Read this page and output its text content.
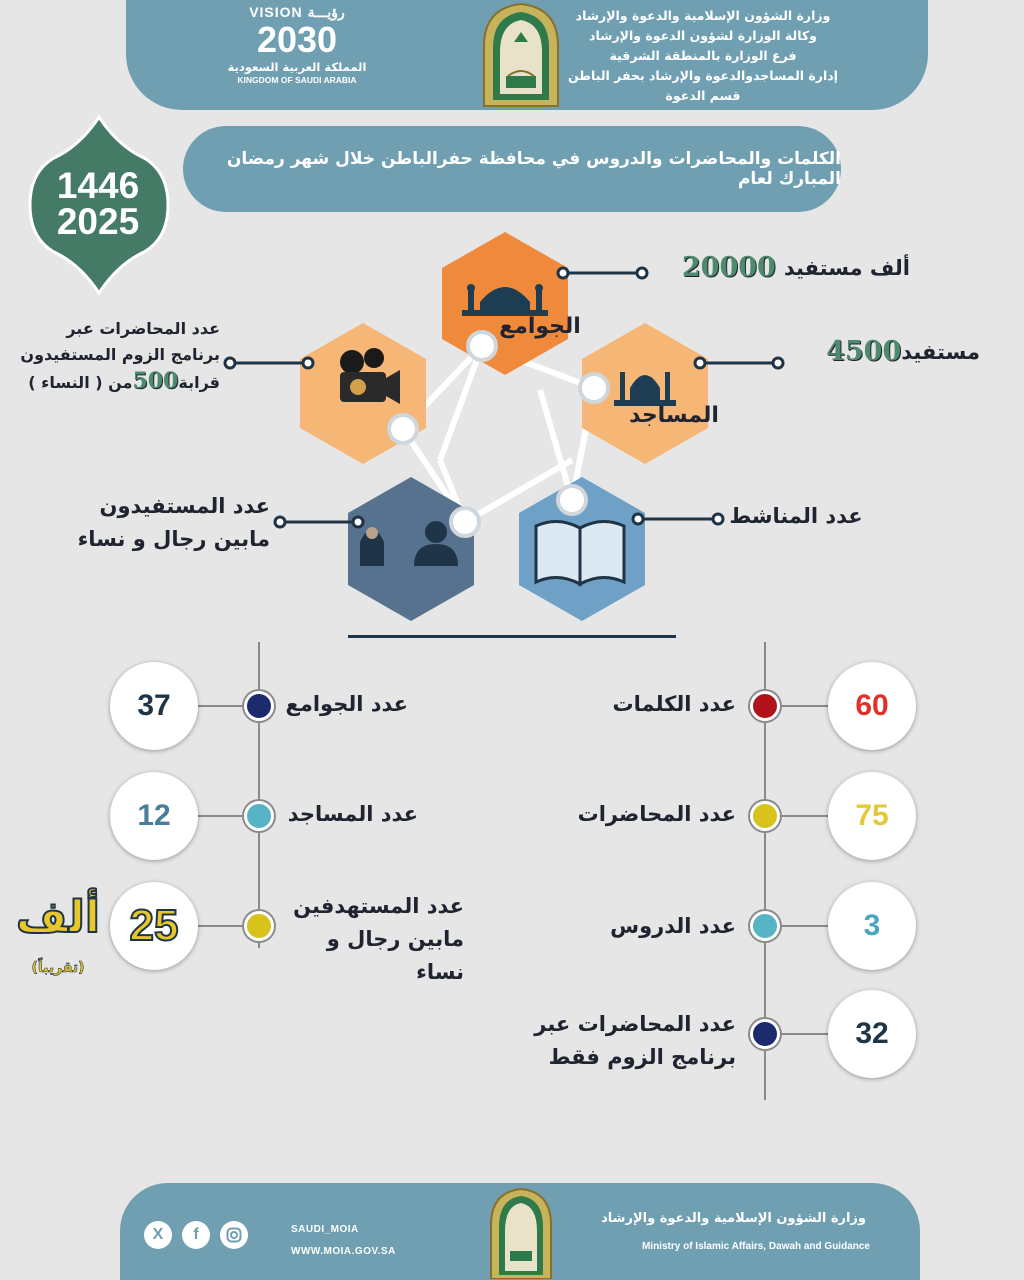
VISION رؤيـــة
2030
المملكة العربية السعودية
KINGDOM OF SAUDI ARABIA
وزارة الشؤون الإسلامية والدعوة والإرشاد
وكالة الوزارة لشؤون الدعوة والإرشاد
فرع الوزارة بالمنطقة الشرقية
إدارة المساجدوالدعوة والإرشاد بحفر الباطن
قسم الدعوة
1446
2025
الكلمات والمحاضرات والدروس في محافظة حفرالباطن خلال شهر رمضان المبارك لعام
الجوامع
المساجد
ألف مستفيد
20000
مستفيد
4500
عدد المحاضرات عبر
برنامج الزوم المستفيدون
قرابة500من ( النساء )
عدد المستفيدون
مابين رجال و نساء
عدد المناشط
عدد الكلمات	60
عدد المحاضرات	75
عدد الدروس	3
عدد المحاضرات عبر
برنامج الزوم فقط
32
عدد الجوامع
37
عدد المساجد
12
عدد المستهدفين
مابين رجال و نساء
25
ألف
(تقريباً)
X	f	SAUDI_MOIA
WWW.MOIA.GOV.SA
وزارة الشؤون الإسلامية والدعوة والإرشاد
Ministry of Islamic Affairs, Dawah and Guidance
